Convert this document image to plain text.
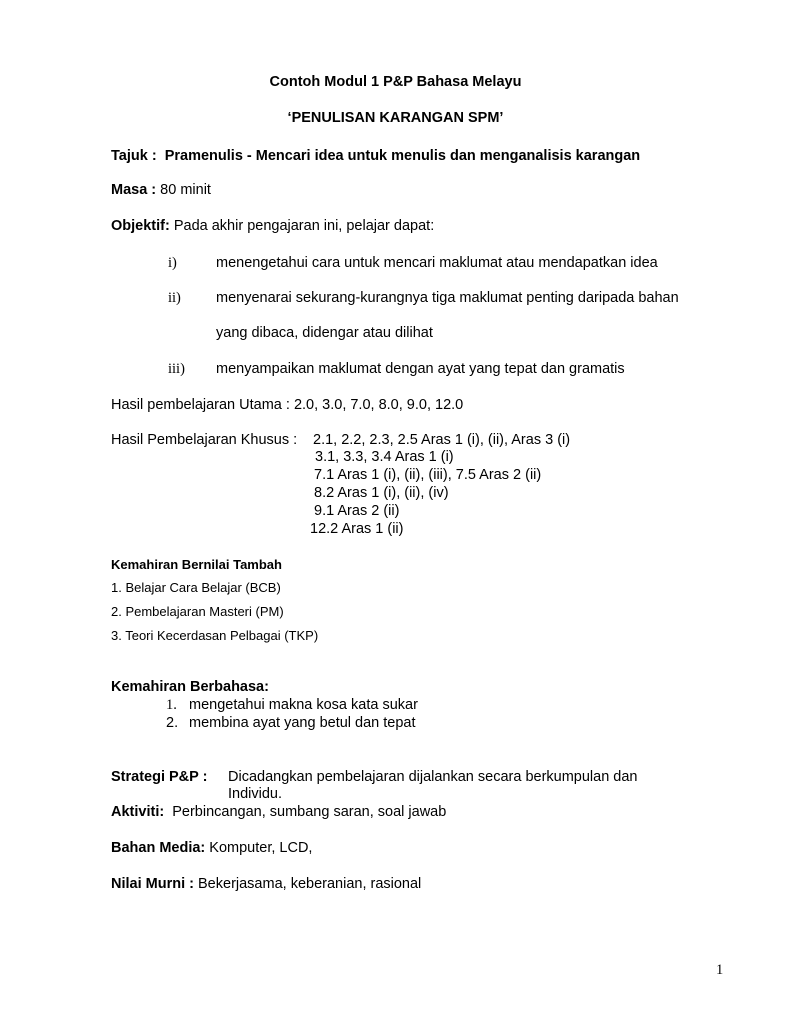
Contoh Modul 1 P&P Bahasa Melayu
‘PENULISAN KARANGAN SPM’
Tajuk : Pramenulis - Mencari idea untuk menulis dan menganalisis karangan
Masa : 80 minit
Objektif: Pada akhir pengajaran ini, pelajar dapat:
i)	menengetahui cara untuk mencari maklumat atau mendapatkan idea
ii) menyenarai sekurang-kurangnya tiga maklumat penting daripada bahan
yang dibaca, didengar atau dilihat
iii) menyampaikan maklumat dengan ayat yang tepat dan gramatis
Hasil pembelajaran Utama : 2.0, 3.0, 7.0, 8.0, 9.0, 12.0
Hasil Pembelajaran Khusus : 2.1, 2.2, 2.3, 2.5 Aras 1 (i), (ii), Aras 3 (i)
3.1, 3.3, 3.4 Aras 1 (i)
7.1 Aras 1 (i), (ii), (iii), 7.5 Aras 2 (ii)
8.2 Aras 1 (i), (ii), (iv)
9.1 Aras 2 (ii)
12.2 Aras 1 (ii)
Kemahiran Bernilai Tambah
1. Belajar Cara Belajar (BCB)
2. Pembelajaran Masteri (PM)
3. Teori Kecerdasan Pelbagai (TKP)
Kemahiran Berbahasa:
1. mengetahui makna kosa kata sukar
2. membina ayat yang betul dan tepat
Strategi P&P : Dicadangkan pembelajaran dijalankan secara berkumpulan dan
Individu.
Aktiviti: Perbincangan, sumbang saran, soal jawab
Bahan Media: Komputer, LCD,
Nilai Murni : Bekerjasama, keberanian, rasional
1
